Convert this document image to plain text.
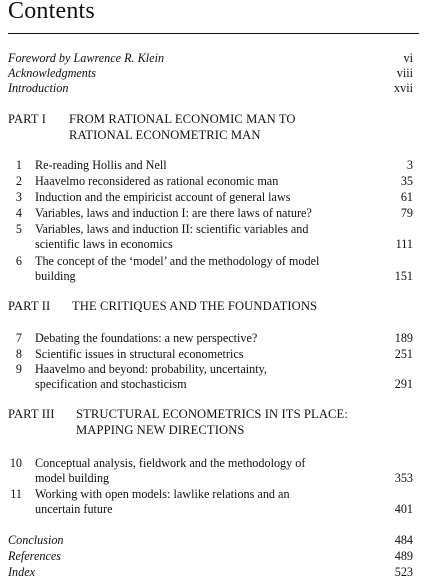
Contents
Foreword by Lawrence R. Klein	vi
Acknowledgments	viii
Introduction	xvii
PART I FROM RATIONAL ECONOMIC MAN TO
RATIONAL ECONOMETRIC MAN
1 Re-reading Hollis and Nell	3
2 Haavelmo reconsidered as rational economic man	35
3 Induction and the empiricist account of general laws	61
4 Variables, laws and induction I: are there laws of nature?	79
5 Variables, laws and induction II: scientific variables and
scientific laws in economics	111
6 The concept of the ‘model’ and the methodology of model
building	151
PART II THE CRITIQUES AND THE FOUNDATIONS
7 Debating the foundations: a new perspective?	189
8 Scientific issues in structural econometrics	251
9 Haavelmo and beyond: probability, uncertainty,
specification and stochasticism	291
PART III STRUCTURAL ECONOMETRICS IN ITS PLACE:
MAPPING NEW DIRECTIONS
10 Conceptual analysis, fieldwork and the methodology of
model building	353
11 Working with open models: lawlike relations and an
uncertain future	401
Conclusion	484
References	489
Index	523
